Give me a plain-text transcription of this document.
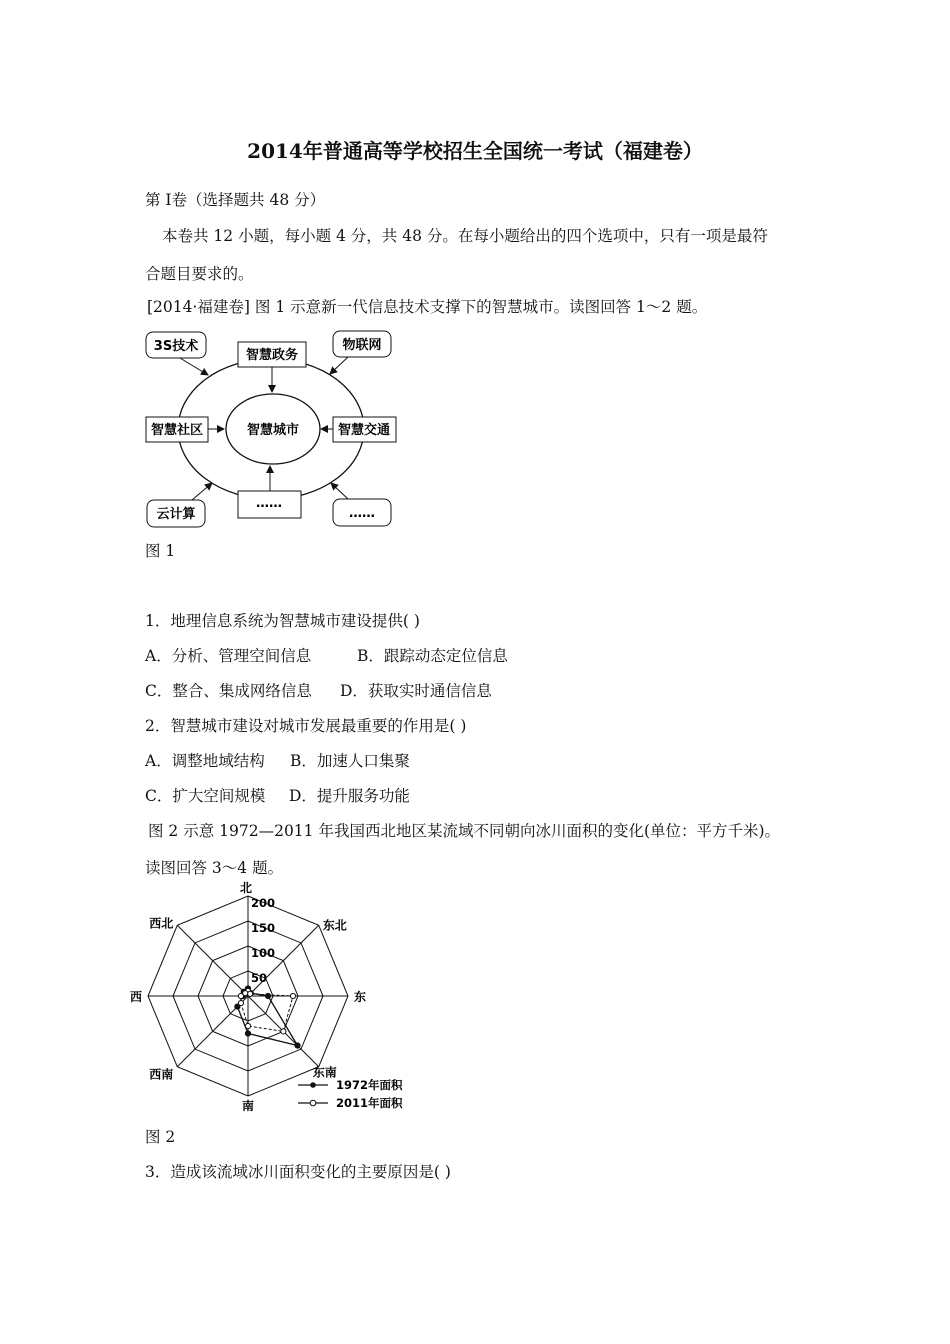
2014年普通高等学校招生全国统一考试（福建卷）
第 Ⅰ卷（选择题共 48 分）
本卷共 12 小题，每小题 4 分，共 48 分。在每小题给出的四个选项中，只有一项是最符
合题目要求的。
[2014·福建卷] 图 1 示意新一代信息技术支撑下的智慧城市。读图回答 1～2 题。
智慧城市
智慧政务
智慧社区	智慧交通
……
3S技术	物联网
云计算	……
图 1
1．地理信息系统为智慧城市建设提供( )
A．分析、管理空间信息	B．跟踪动态定位信息
C．整合、集成网络信息 D．获取实时通信信息
2．智慧城市建设对城市发展最重要的作用是( )
A．调整地域结构 B．加速人口集聚
C．扩大空间规模 D．提升服务功能
图 2 示意 1972—2011 年我国西北地区某流域不同朝向冰川面积的变化(单位：平方千米)。
读图回答 3～4 题。
50
100
150
200
北
东北
东
东南
南
西南
西
西北
1972年面积
2011年面积
图 2
3．造成该流域冰川面积变化的主要原因是( )
